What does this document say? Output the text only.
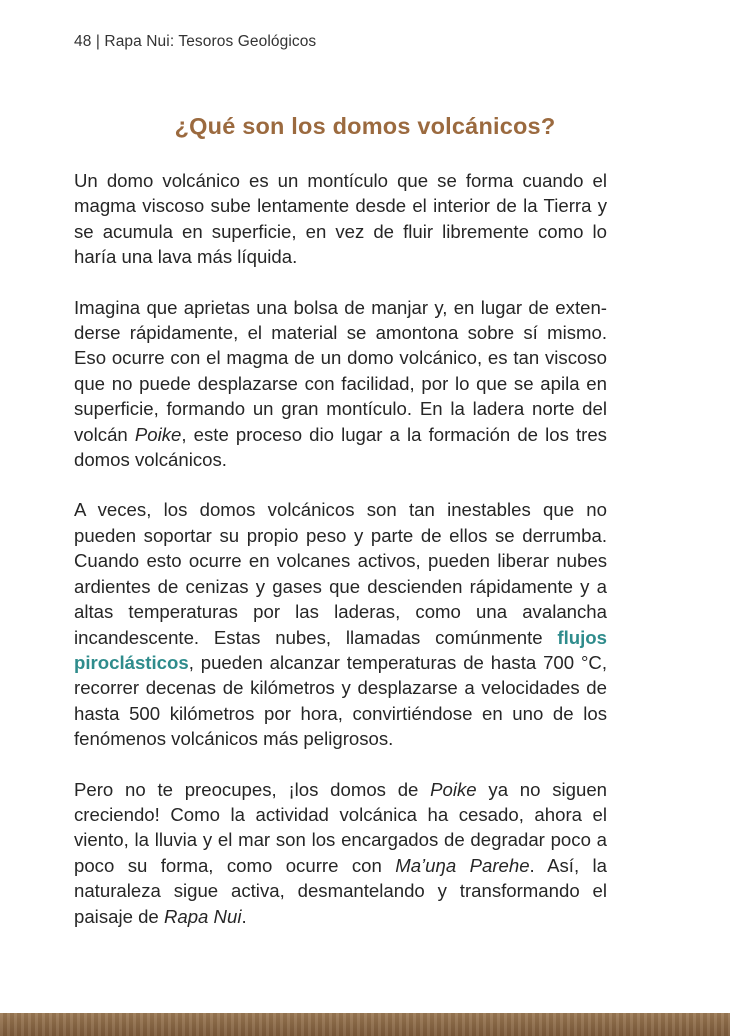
48 | Rapa Nui: Tesoros Geológicos
¿Qué son los domos volcánicos?

Un domo volcánico es un montículo que se forma cuando el magma viscoso sube lentamente desde el interior de la Tierra y se acumula en superficie, en vez de fluir libremente como lo haría una lava más líquida.

Imagina que aprietas una bolsa de manjar y, en lugar de extenderse rápidamente, el material se amontona sobre sí mismo. Eso ocurre con el magma de un domo volcánico, es tan viscoso que no puede desplazarse con facilidad, por lo que se apila en superficie, formando un gran montículo. En la ladera norte del volcán Poike, este proceso dio lugar a la formación de los tres domos volcánicos.

A veces, los domos volcánicos son tan inestables que no pueden soportar su propio peso y parte de ellos se derrumba. Cuando esto ocurre en volcanes activos, pueden liberar nubes ardientes de cenizas y gases que descienden rápidamente y a altas temperaturas por las laderas, como una avalancha incandescente. Estas nubes, llamadas comúnmente flujos piroclásticos, pueden alcanzar temperaturas de hasta 700 °C, recorrer decenas de kilómetros y desplazarse a velocidades de hasta 500 kilómetros por hora, convirtiéndose en uno de los fenómenos volcánicos más peligrosos.

Pero no te preocupes, ¡los domos de Poike ya no siguen creciendo! Como la actividad volcánica ha cesado, ahora el viento, la lluvia y el mar son los encargados de degradar poco a poco su forma, como ocurre con Ma’uŋa Parehe. Así, la naturaleza sigue activa, desmantelando y transformando el paisaje de Rapa Nui.
